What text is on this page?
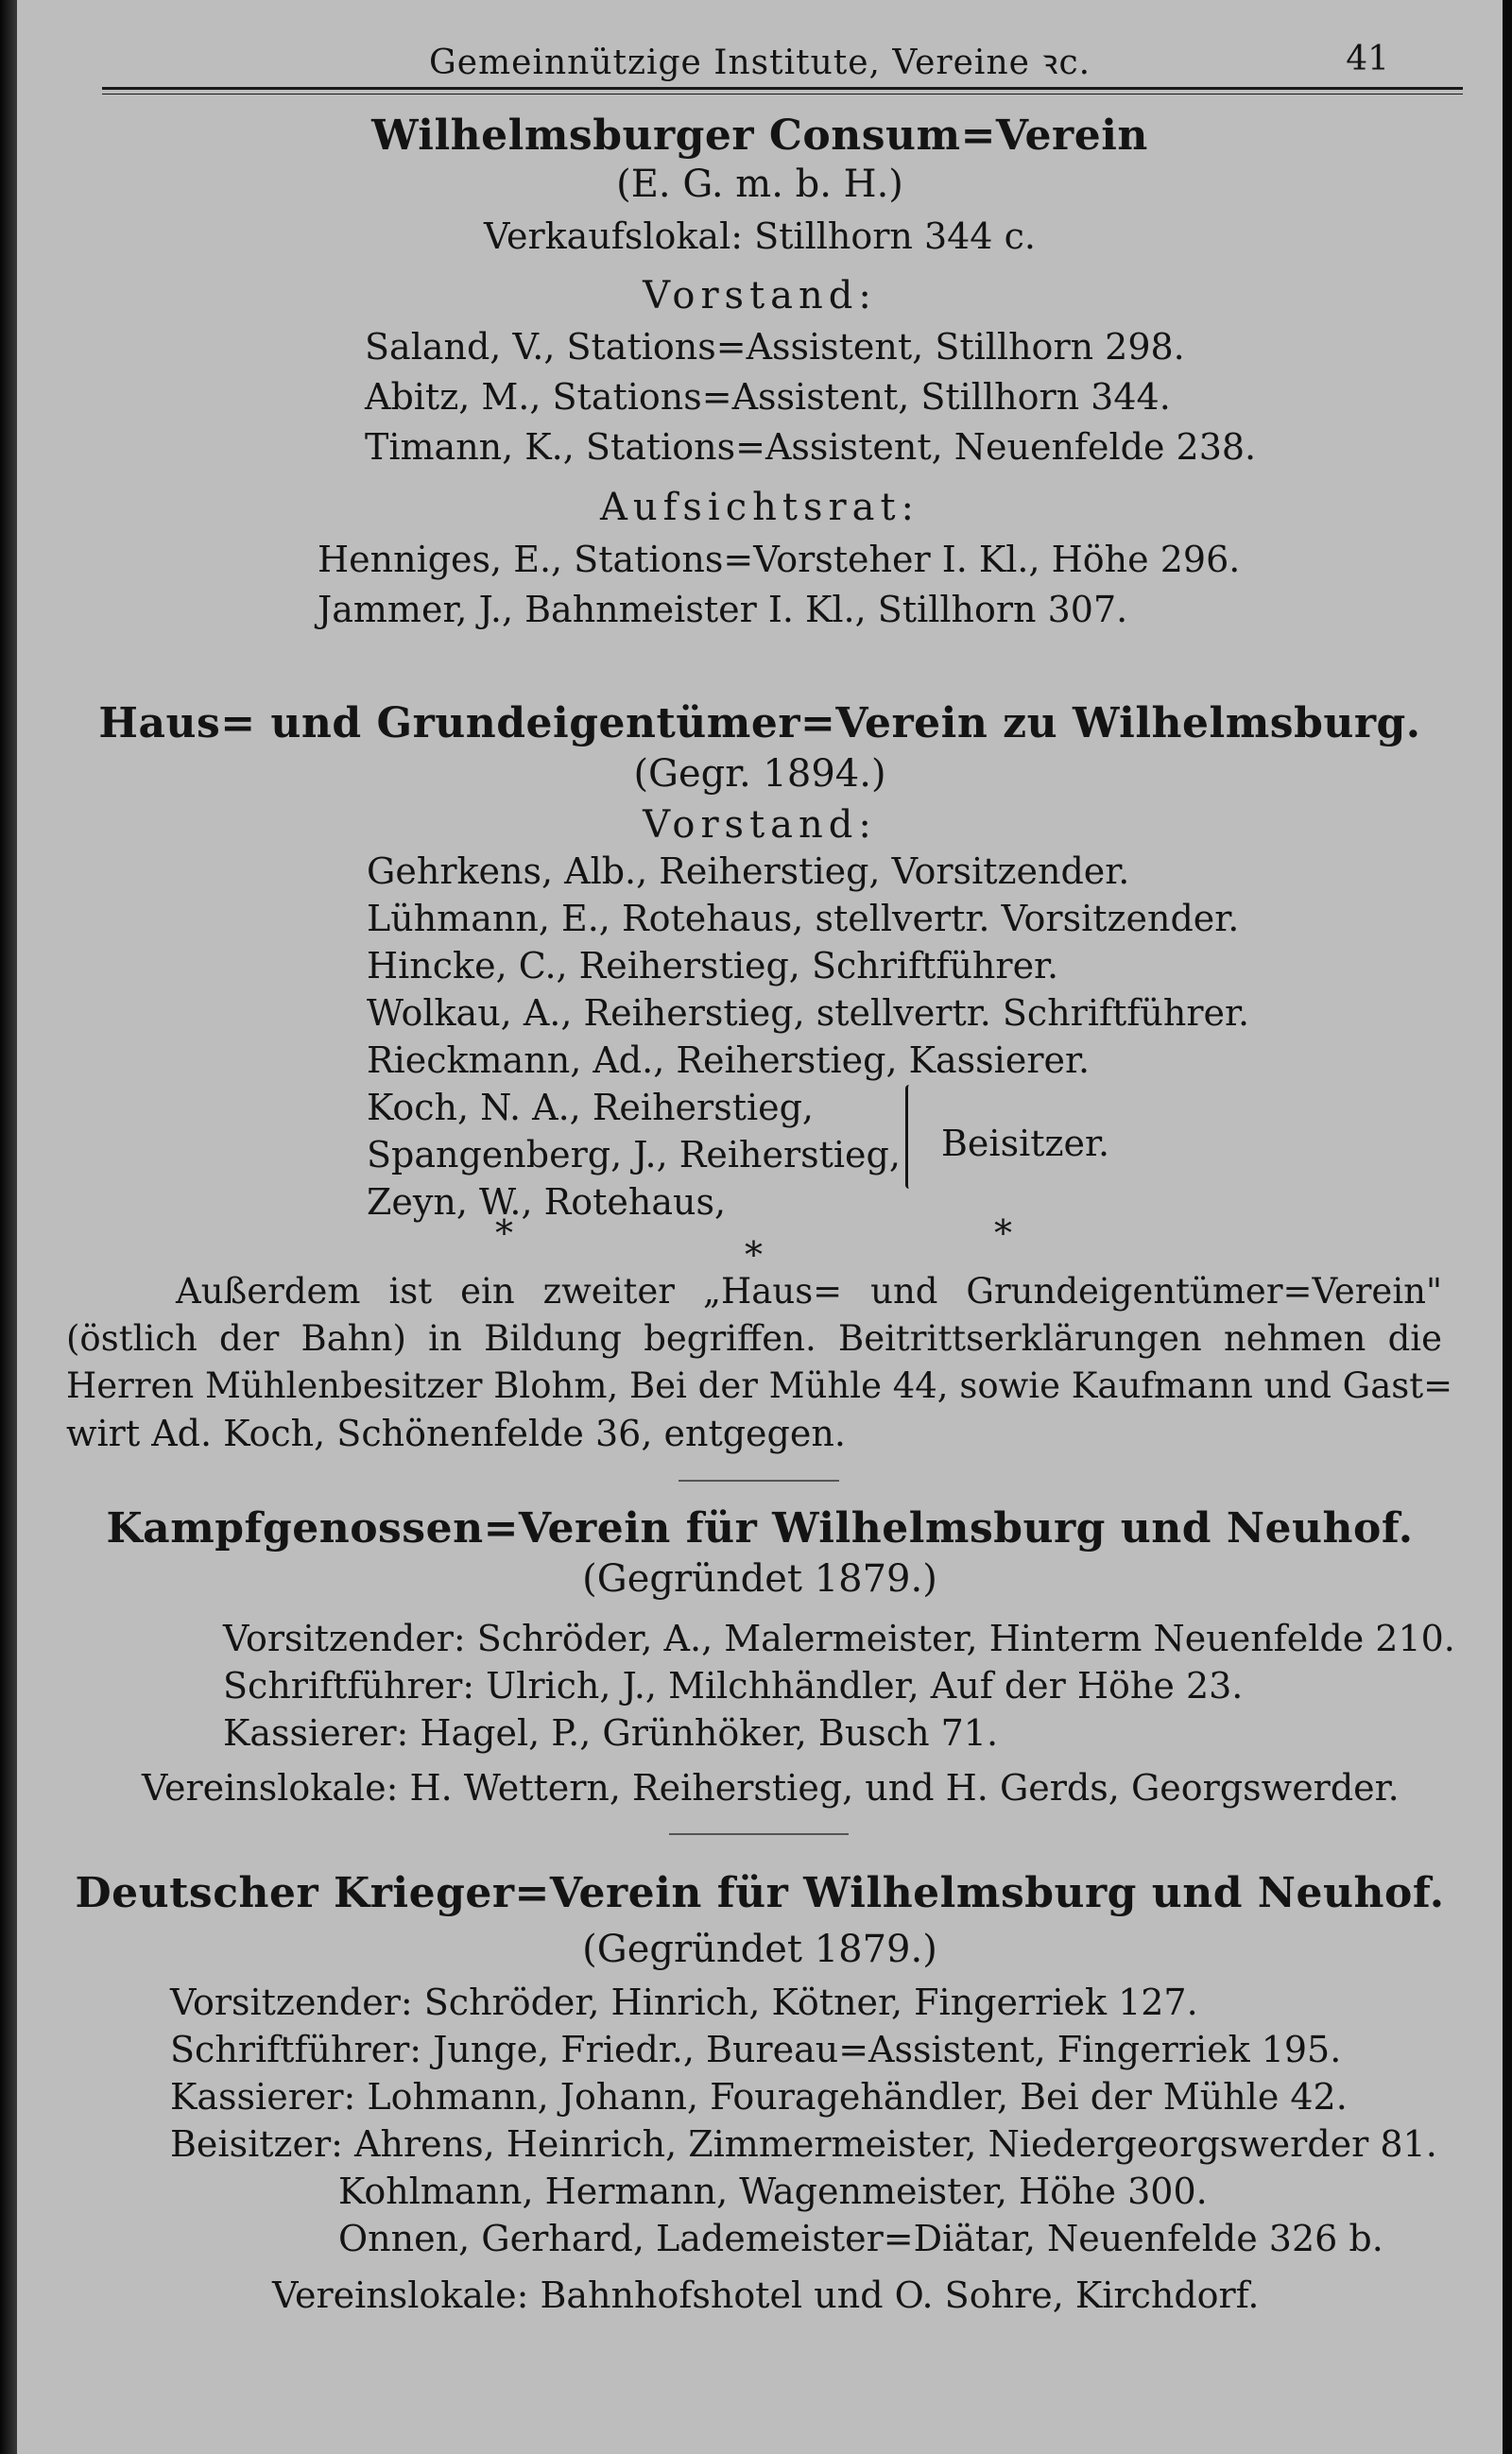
Gemeinnützige Institute, Vereine ꝛc.	41
Wilhelmsburger Consum=Verein
(E. G. m. b. H.)
Verkaufslokal: Stillhorn 344 c.
Vorstand:
Saland, V., Stations=Assistent, Stillhorn 298.
Abitz, M., Stations=Assistent, Stillhorn 344.
Timann, K., Stations=Assistent, Neuenfelde 238.
Aufsichtsrat:
Henniges, E., Stations=Vorsteher I. Kl., Höhe 296.
Jammer, J., Bahnmeister I. Kl., Stillhorn 307.
Haus= und Grundeigentümer=Verein zu Wilhelmsburg.
(Gegr. 1894.)
Vorstand:
Gehrkens, Alb., Reiherstieg, Vorsitzender.
Lühmann, E., Rotehaus, stellvertr. Vorsitzender.
Hincke, C., Reiherstieg, Schriftführer.
Wolkau, A., Reiherstieg, stellvertr. Schriftführer.
Rieckmann, Ad., Reiherstieg, Kassierer.
Koch, N. A., Reiherstieg,
Spangenberg, J., Reiherstieg,
Zeyn, W., Rotehaus,
Beisitzer.
*
*
*
Außerdem ist ein zweiter „Haus= und Grundeigentümer=Verein"
(östlich der Bahn) in Bildung begriffen. Beitrittserklärungen nehmen die
Herren Mühlenbesitzer Blohm, Bei der Mühle 44, sowie Kaufmann und Gast=
wirt Ad. Koch, Schönenfelde 36, entgegen.
Kampfgenossen=Verein für Wilhelmsburg und Neuhof.
(Gegründet 1879.)
Vorsitzender: Schröder, A., Malermeister, Hinterm Neuenfelde 210.
Schriftführer: Ulrich, J., Milchhändler, Auf der Höhe 23.
Kassierer: Hagel, P., Grünhöker, Busch 71.
Vereinslokale: H. Wettern, Reiherstieg, und H. Gerds, Georgswerder.
Deutscher Krieger=Verein für Wilhelmsburg und Neuhof.
(Gegründet 1879.)
Vorsitzender: Schröder, Hinrich, Kötner, Fingerriek 127.
Schriftführer: Junge, Friedr., Bureau=Assistent, Fingerriek 195.
Kassierer: Lohmann, Johann, Fouragehändler, Bei der Mühle 42.
Beisitzer: Ahrens, Heinrich, Zimmermeister, Niedergeorgswerder 81.
Kohlmann, Hermann, Wagenmeister, Höhe 300.
Onnen, Gerhard, Lademeister=Diätar, Neuenfelde 326 b.
Vereinslokale: Bahnhofshotel und O. Sohre, Kirchdorf.
